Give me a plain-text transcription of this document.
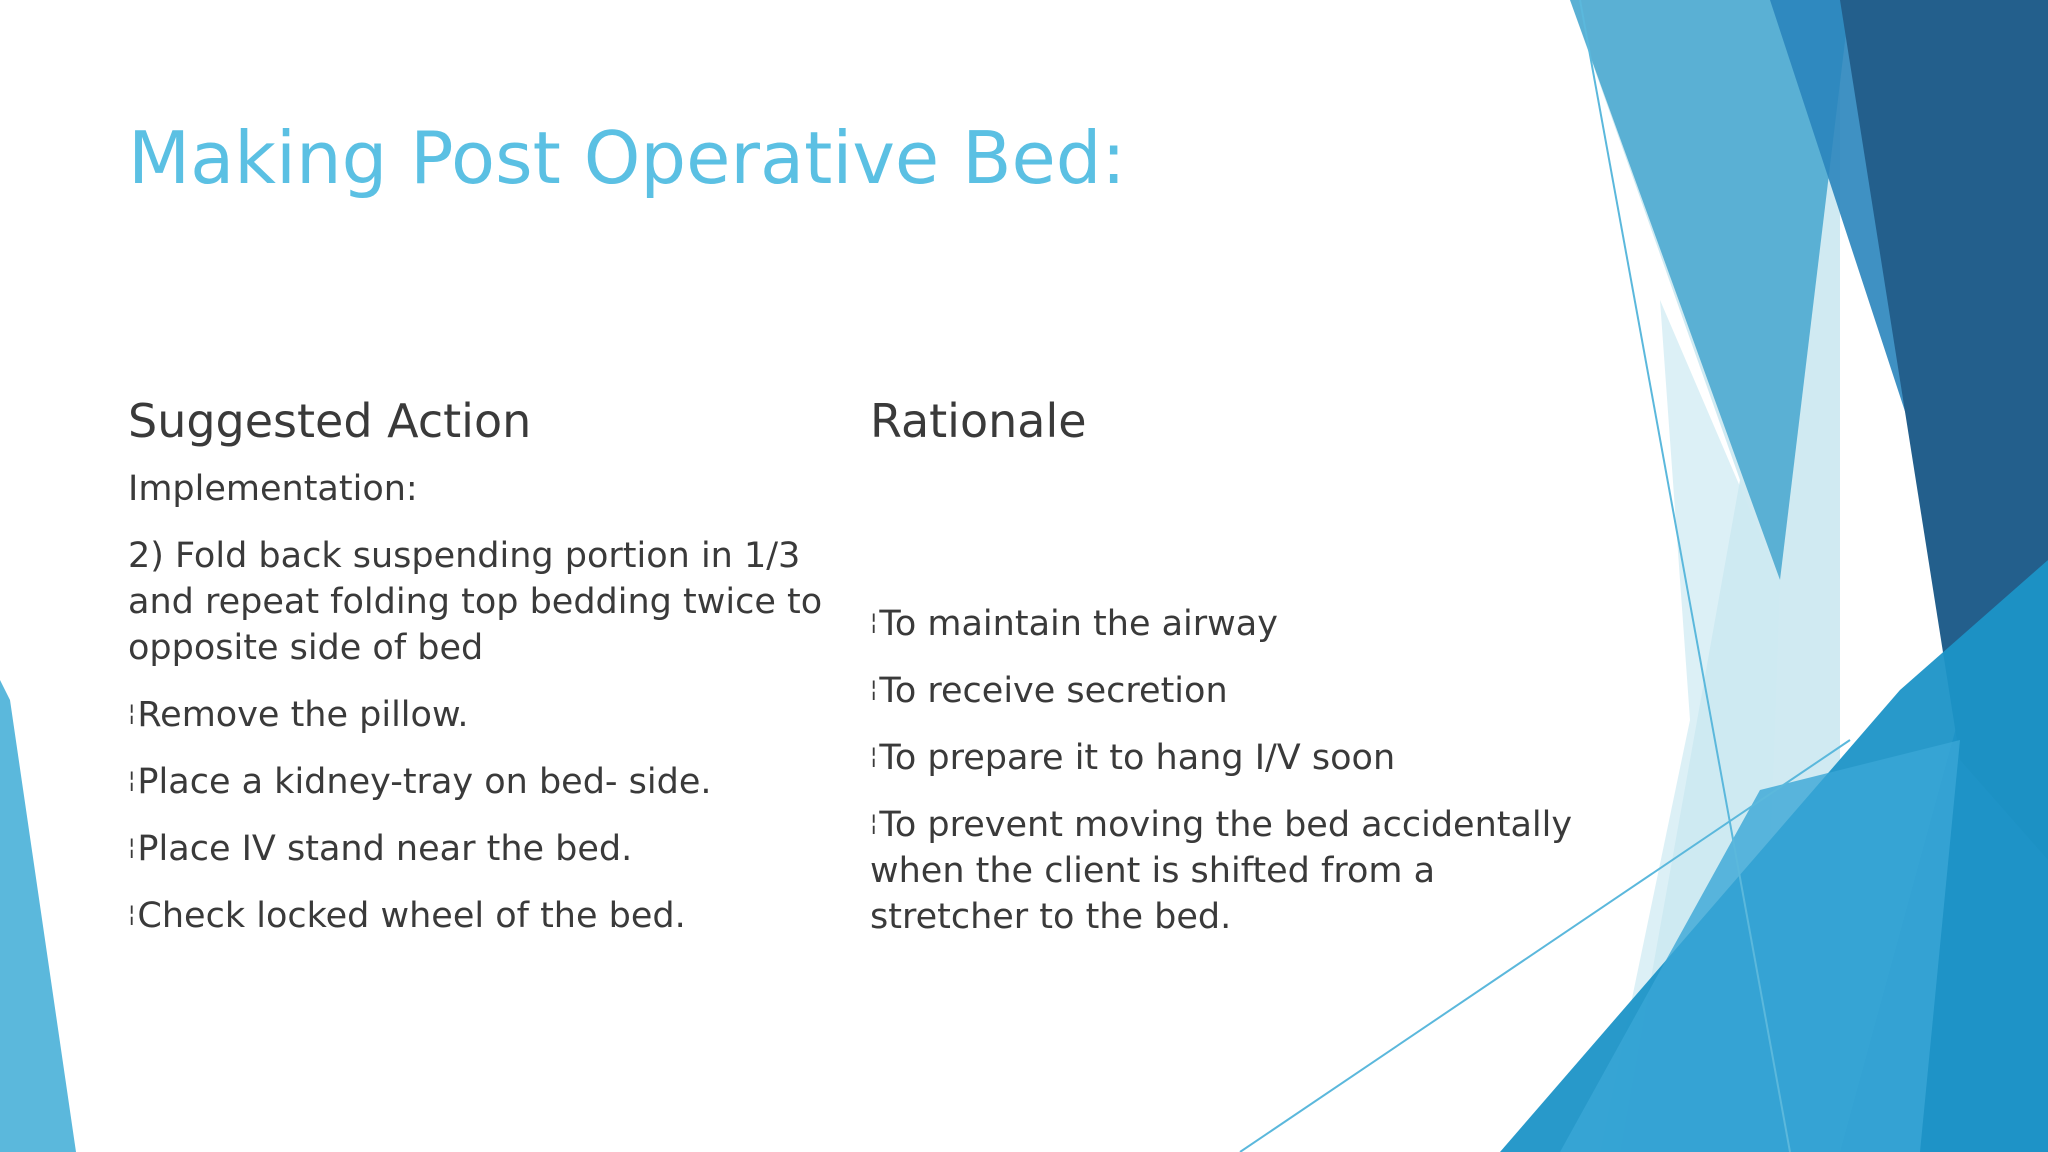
Making Post Operative Bed:
Suggested Action
Implementation:
2) Fold back suspending portion in 1/3 and repeat folding top bedding twice to opposite side of bed
¦Remove the pillow.
¦Place a kidney-tray on bed- side.
¦Place IV stand near the bed.
¦Check locked wheel of the bed.
Rationale
¦To maintain the airway
¦To receive secretion
¦To prepare it to hang I/V soon
¦To prevent moving the bed accidentally when the client is shifted from a stretcher to the bed.
